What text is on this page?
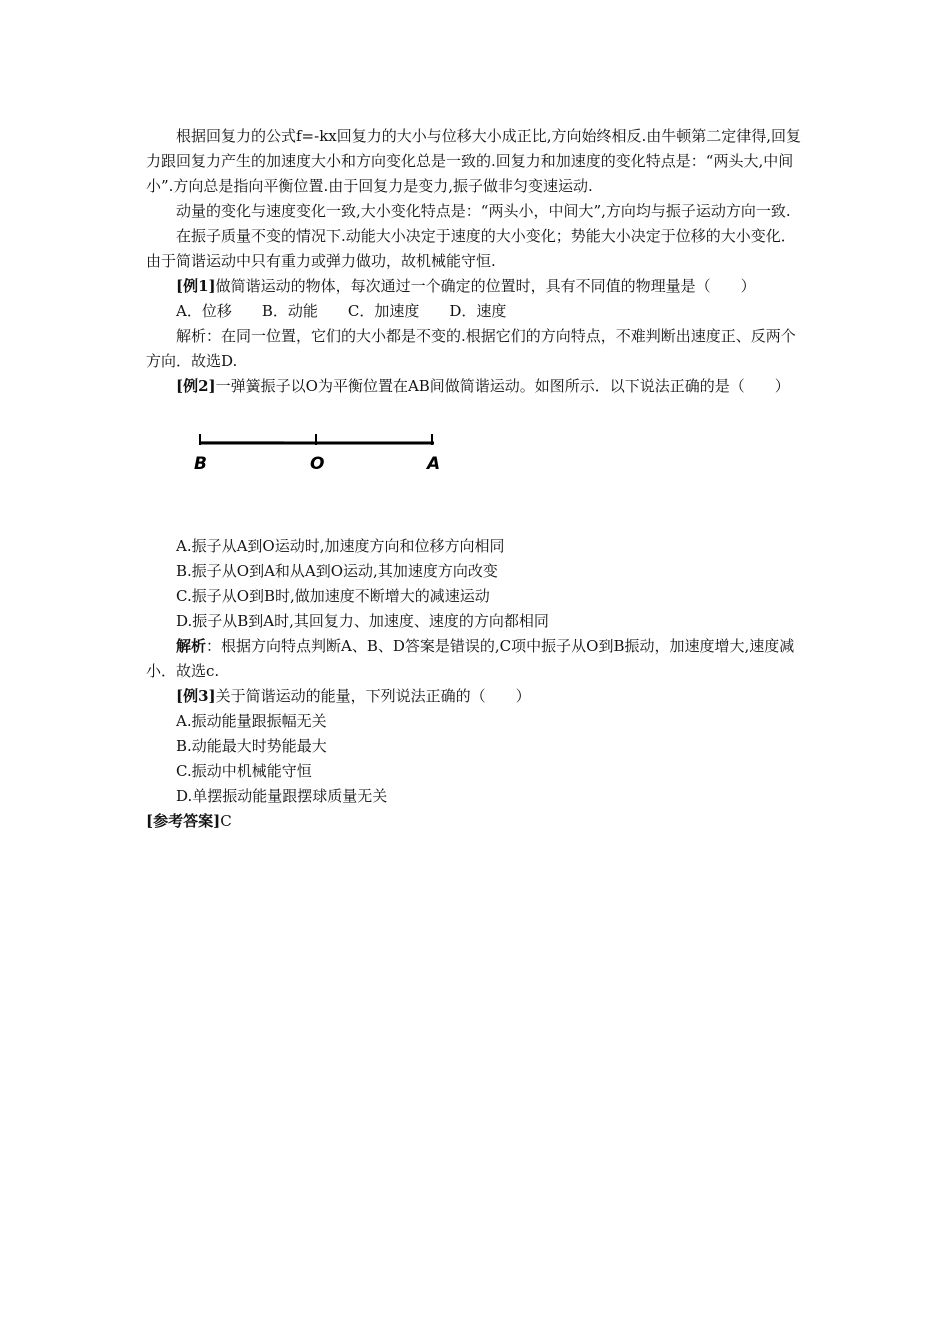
根据回复力的公式f=-kx回复力的大小与位移大小成正比,方向始终相反.由牛顿第二定律得,回复力跟回复力产生的加速度大小和方向变化总是一致的.回复力和加速度的变化特点是：“两头大,中间小”.方向总是指向平衡位置.由于回复力是变力,振子做非匀变速运动.

动量的变化与速度变化一致,大小变化特点是：“两头小，中间大”,方向均与振子运动方向一致.

在振子质量不变的情况下.动能大小决定于速度的大小变化；势能大小决定于位移的大小变化．由于简谐运动中只有重力或弹力做功，故机械能守恒.

[例1]做简谐运动的物体，每次通过一个确定的位置时，具有不同值的物理量是（　　）

A．位移　　B．动能　　C．加速度　　D．速度

解析：在同一位置，它们的大小都是不变的.根据它们的方向特点，不难判断出速度正、反两个方向．故选D.

[例2]一弹簧振子以O为平衡位置在AB间做简谐运动。如图所示．以下说法正确的是（　　）

B	O	A

A.振子从A到O运动时,加速度方向和位移方向相同

B.振子从O到A和从A到O运动,其加速度方向改变

C.振子从O到B时,做加速度不断增大的减速运动

D.振子从B到A时,其回复力、加速度、速度的方向都相同

解析：根据方向特点判断A、B、D答案是错误的,C项中振子从O到B振动，加速度增大,速度减小．故选c.

[例3]关于简谐运动的能量，下列说法正确的（　　）

A.振动能量跟振幅无关

B.动能最大时势能最大

C.振动中机械能守恒

D.单摆振动能量跟摆球质量无关

[参考答案]C
